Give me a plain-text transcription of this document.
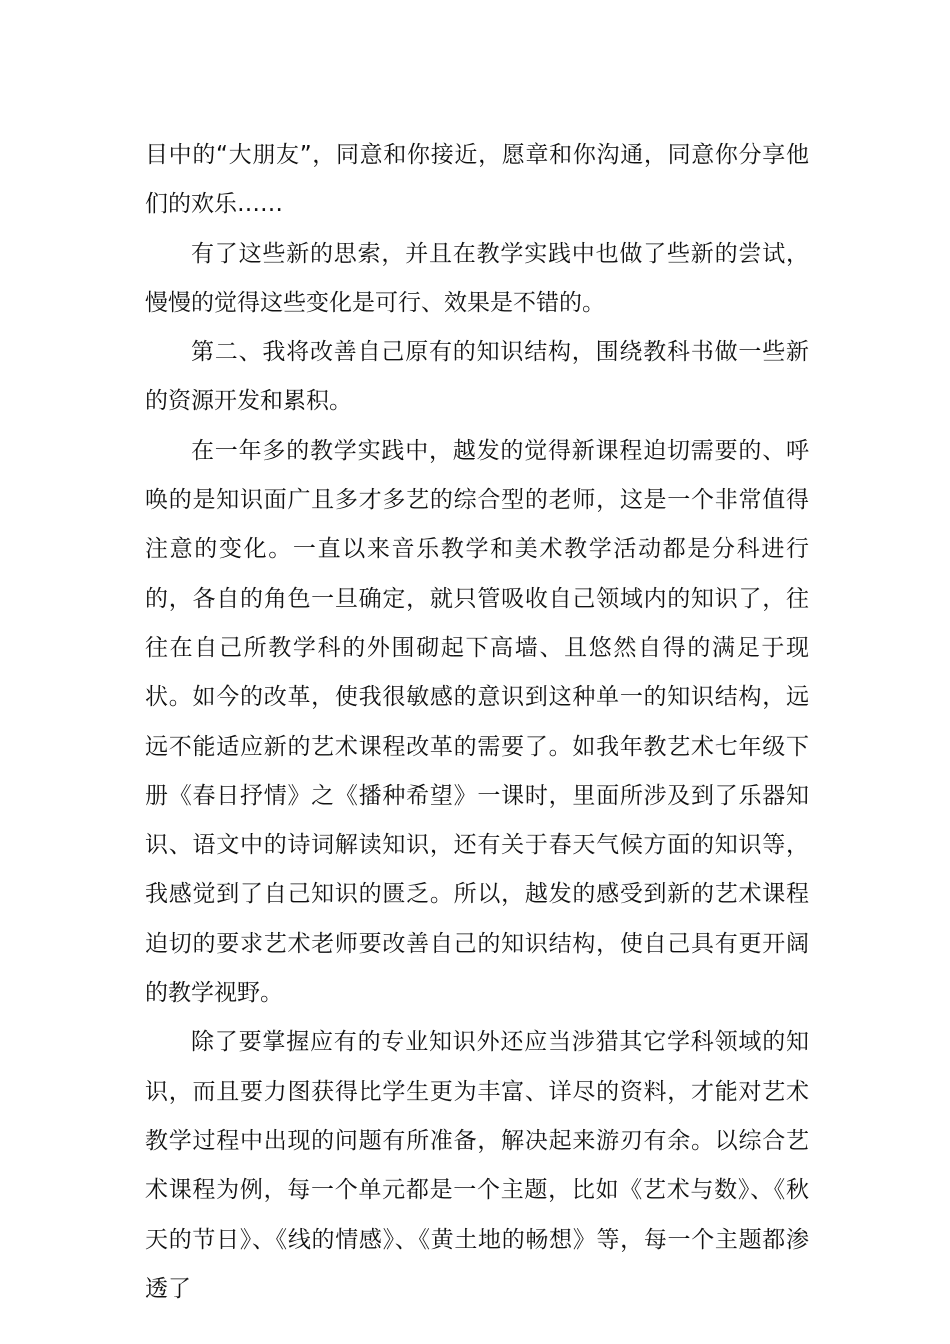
目中的“大朋友”，同意和你接近，愿章和你沟通，同意你分享他们的欢乐……

有了这些新的思索，并且在教学实践中也做了些新的尝试，慢慢的觉得这些变化是可行、效果是不错的。

第二、我将改善自己原有的知识结构，围绕教科书做一些新的资源开发和累积。

在一年多的教学实践中，越发的觉得新课程迫切需要的、呼唤的是知识面广且多才多艺的综合型的老师，这是一个非常值得注意的变化。一直以来音乐教学和美术教学活动都是分科进行的，各自的角色一旦确定，就只管吸收自己领域内的知识了，往往在自己所教学科的外围砌起下高墙、且悠然自得的满足于现状。如今的改革，使我很敏感的意识到这种单一的知识结构，远远不能适应新的艺术课程改革的需要了。如我年教艺术七年级下册《春日抒情》之《播种希望》一课时，里面所涉及到了乐器知识、语文中的诗词解读知识，还有关于春天气候方面的知识等，我感觉到了自己知识的匮乏。所以，越发的感受到新的艺术课程迫切的要求艺术老师要改善自己的知识结构，使自己具有更开阔的教学视野。

除了要掌握应有的专业知识外还应当涉猎其它学科领域的知识，而且要力图获得比学生更为丰富、详尽的资料，才能对艺术教学过程中出现的问题有所准备，解决起来游刃有余。以综合艺术课程为例，每一个单元都是一个主题，比如《艺术与数》、《秋天的节日》、《线的情感》、《黄土地的畅想》等，每一个主题都渗透了
